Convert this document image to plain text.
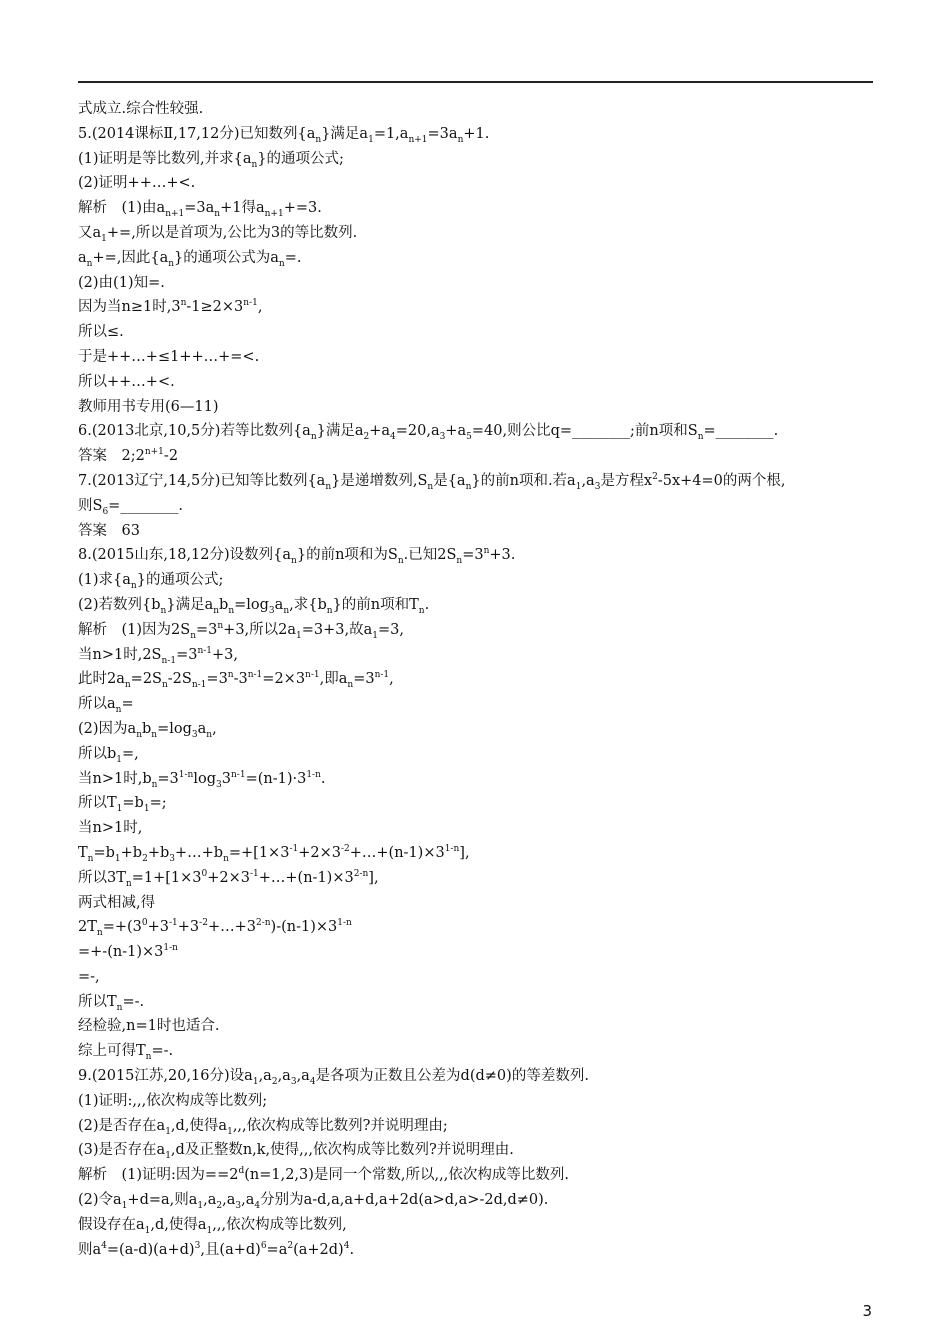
式成立.综合性较强.
5.(2014课标Ⅱ,17,12分)已知数列$\{a_n\}$满足$a_1=1,a_{n+1}=3a_n+1$.
(1)证明是等比数列,并求$\{a_n\}$的通项公式;
(2)证明++…+<.
解析　(1)由$a_{n+1}=3a_n+1$得$a_{n+1}+=3$.
又$a_1+=$,所以是首项为,公比为3的等比数列.
$a_n+=$,因此$\{a_n\}$的通项公式为$a_n=$.
(2)由(1)知=.
因为当n≥1时$,3^n-1\ge 2\times 3^{n-1}$,
所以≤.
于是++…+≤1++…+=<.
所以++…+<.
教师用书专用(6—11)
6.(2013北京,10,5分)若等比数列$\{a_n\}$满足$a_2+a_4=20,a_3+a_5=40$,则公比q=________;前n项和$S_n=\_\_\_\_\_\_\_\_$.
答案　$2;2^{n+1}-2$
7.(2013辽宁,14,5分)已知等比数列$\{a_n\}$是递增数列$,S_n$是$\{a_n\}$的前n项和.若$a_1,a_3$是方程$x^2-5x+4=0$的两个根,
则$S_6=\_\_\_\_\_\_\_\_$.
答案　63
8.(2015山东,18,12分)设数列$\{a_n\}$的前n项和为$S_n$.已知$2S_n=3^n+3$.
(1)求$\{a_n\}$的通项公式;
(2)若数列$\{b_n\}$满足$a_nb_n=\log_3a_n$,求$\{b_n\}$的前n项和$T_n$.
解析　(1)因为$2S_n=3^n+3$,所以$2a_1=3+3$,故$a_1=3$,
当n>1时$,2S_{n-1}=3^{n-1}+3$,
此时$2a_n=2S_n-2S_{n-1}=3^n-3^{n-1}=2\times 3^{n-1}$,即$a_n=3^{n-1}$,
所以$a_n=$
(2)因为$a_nb_n=\log_3a_n$,
所以$b_1=$,
当n>1时$,b_n=3^{1-n}\log_33^{n-1}=(n-1)\cdot 3^{1-n}$.
所以$T_1=b_1=$;
当n>1时,
$T_n=b_1+b_2+b_3+\dots+b_n=+[1\times 3^{-1}+2\times 3^{-2}+\dots+(n-1)\times 3^{1-n}]$,
所以$3T_n=1+[1\times 3^0+2\times 3^{-1}+\dots+(n-1)\times 3^{2-n}]$,
两式相减,得
$2T_n=+(3^0+3^{-1}+3^{-2}+\dots+3^{2-n})-(n-1)\times 3^{1-n}$
$=+-(n-1)\times 3^{1-n}$
=-,
所以$T_n=-$.
经检验,n=1时也适合.
综上可得$T_n=-$.
9.(2015江苏,20,16分)设$a_1,a_2,a_3,a_4$是各项为正数且公差为d(d≠0)的等差数列.
(1)证明:,,,依次构成等比数列;
(2)是否存在$a_1,d$,使得$a_1$,,,依次构成等比数列?并说明理由;
(3)是否存在$a_1,d$及正整数n,k,使得,,,依次构成等比数列?并说明理由.
解析　(1)证明:因为$==2^d(n=1,2,3)$是同一个常数,所以,,,依次构成等比数列.
(2)令$a_1+d=a$,则$a_1,a_2,a_3,a_4$分别为a-d,a,a+d,a+2d(a>d,a>-2d,d≠0).
假设存在$a_1,d$,使得$a_1$,,,依次构成等比数列,
则$a^4=(a-d)(a+d)^3$,且$(a+d)^6=a^2(a+2d)^4$.
3
